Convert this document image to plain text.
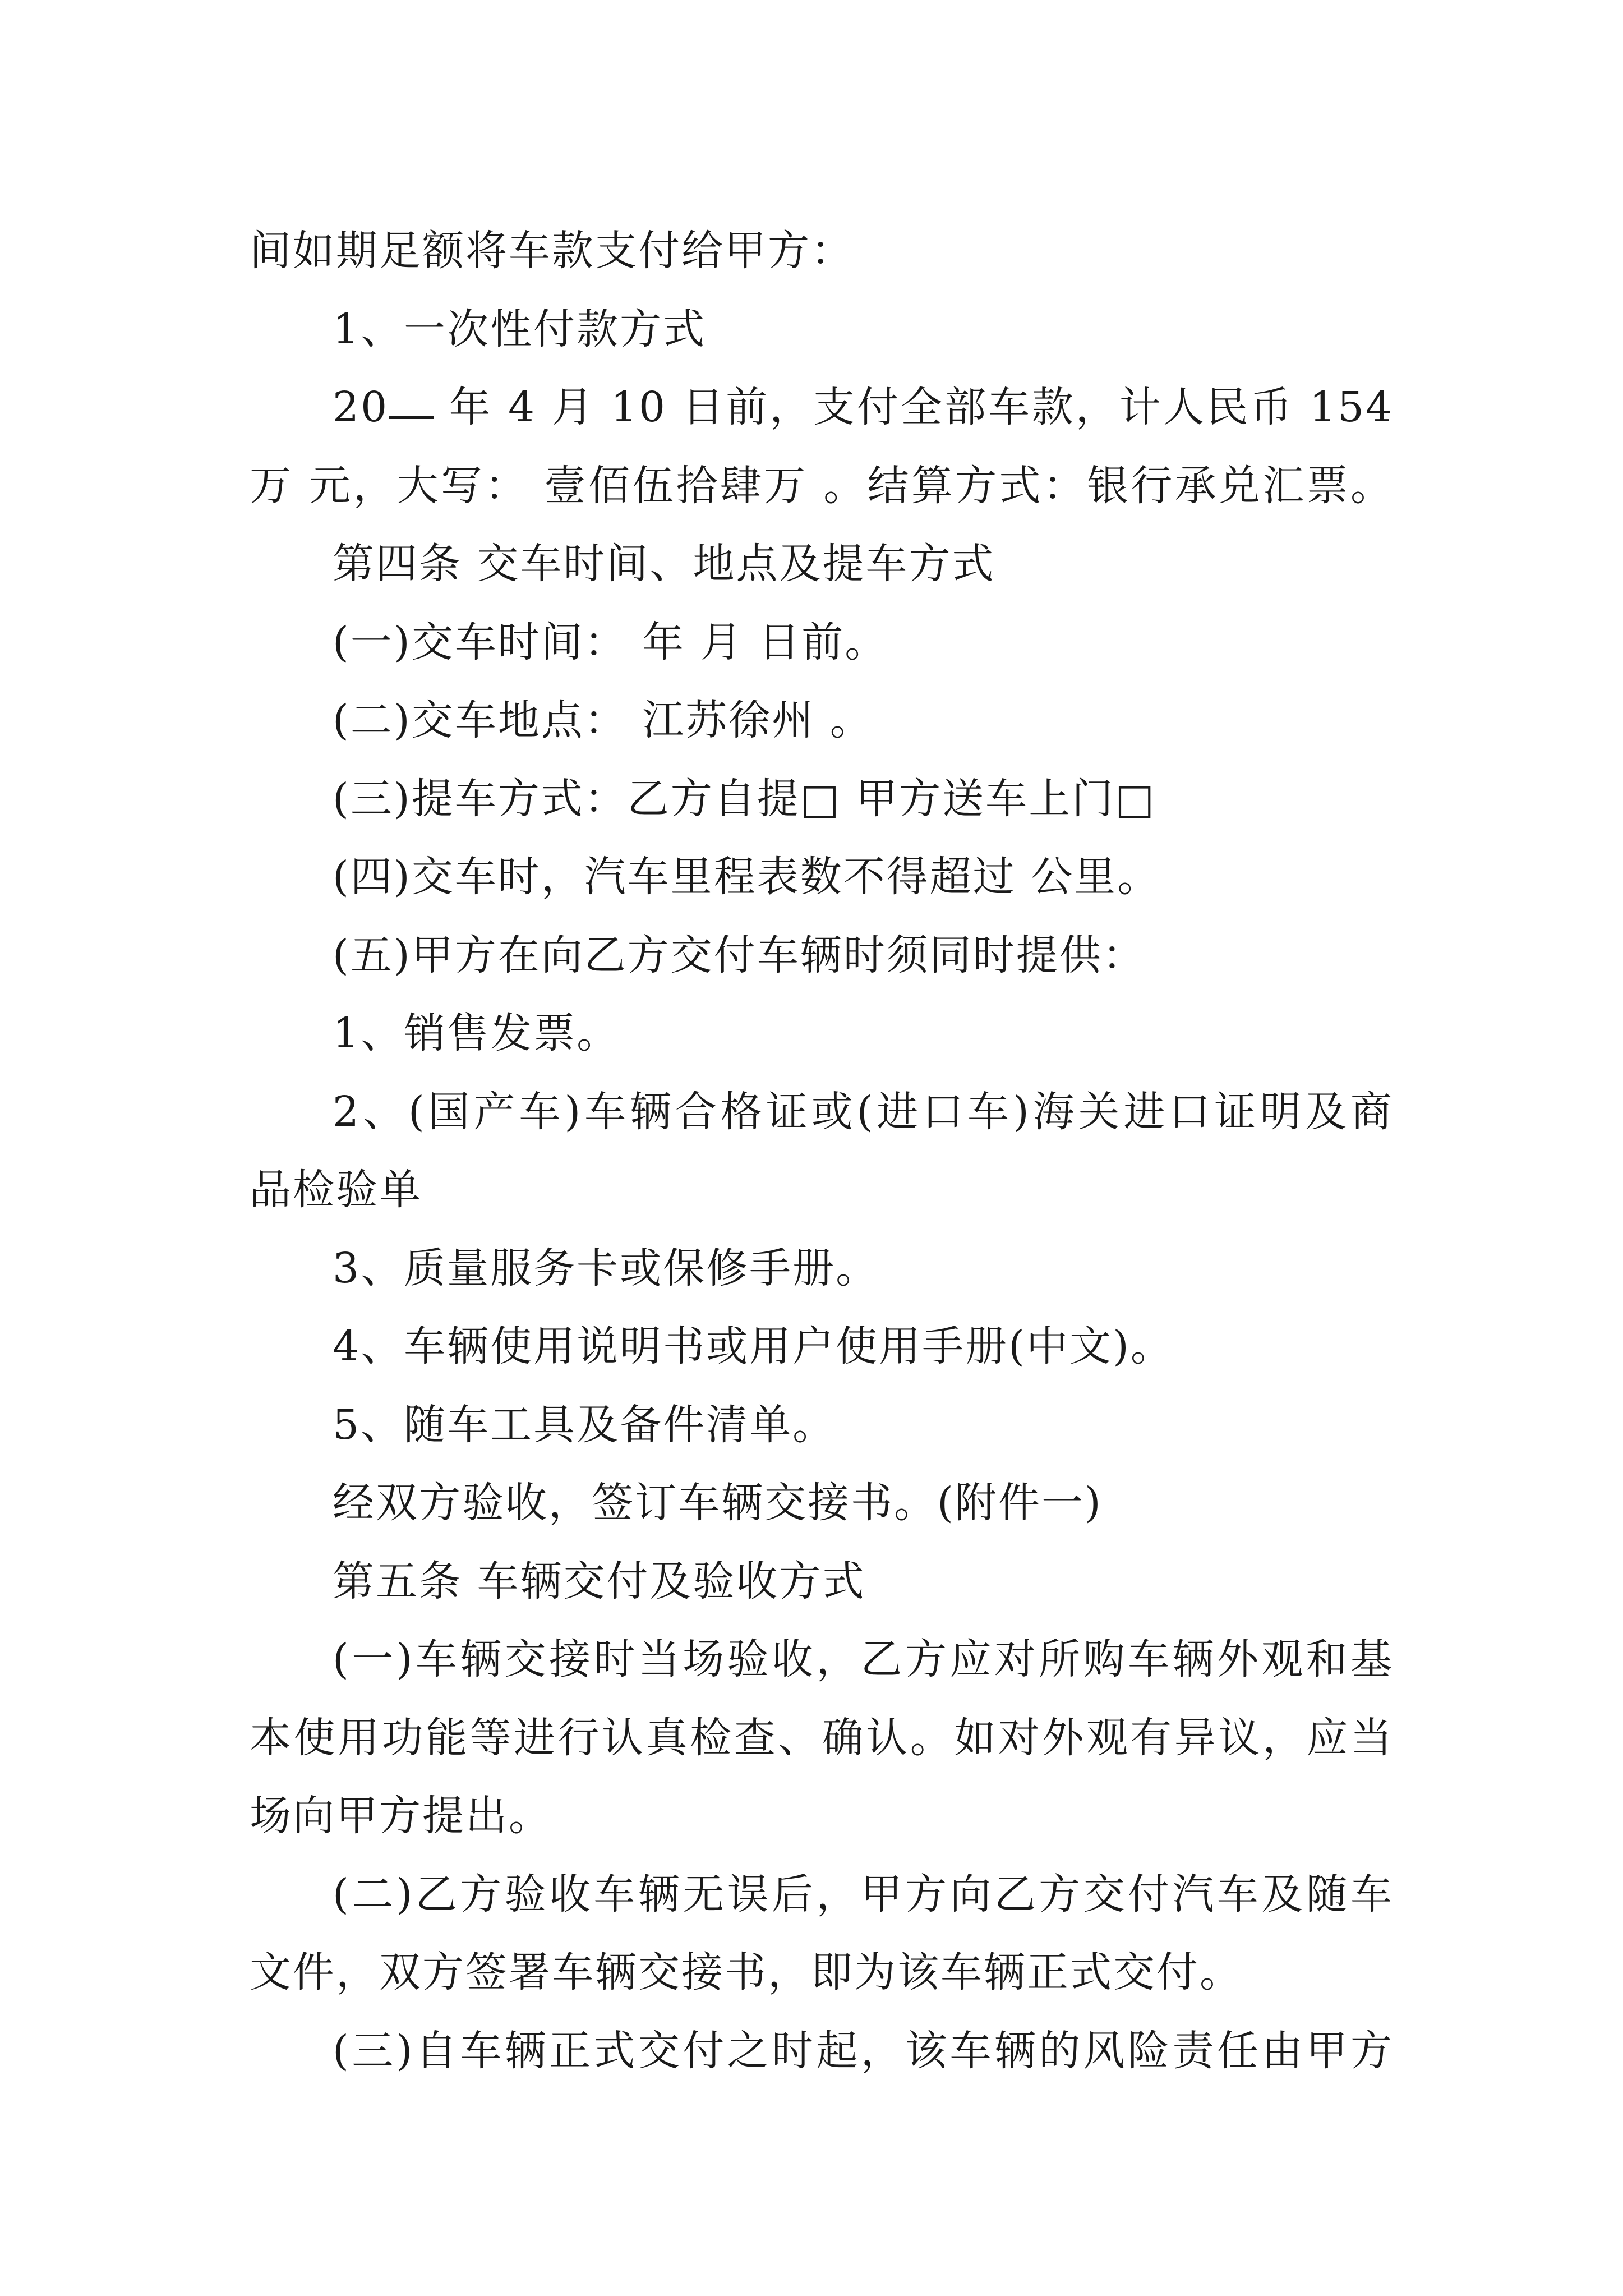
间如期足额将车款支付给甲方：
1、一次性付款方式
20 年 4 月 10 日前，支付全部车款，计人民币 154
万 元，大写： 壹佰伍拾肆万 。结算方式：银行承兑汇票。
第四条 交车时间、地点及提车方式
(一)交车时间： 年 月 日前。
(二)交车地点： 江苏徐州 。
(三)提车方式：乙方自提□ 甲方送车上门□
(四)交车时，汽车里程表数不得超过 公里。
(五)甲方在向乙方交付车辆时须同时提供：
1、销售发票。
2、(国产车)车辆合格证或(进口车)海关进口证明及商
品检验单
3、质量服务卡或保修手册。
4、车辆使用说明书或用户使用手册(中文)。
5、随车工具及备件清单。
经双方验收，签订车辆交接书。(附件一)
第五条 车辆交付及验收方式
(一)车辆交接时当场验收，乙方应对所购车辆外观和基
本使用功能等进行认真检查、确认。如对外观有异议，应当
场向甲方提出。
(二)乙方验收车辆无误后，甲方向乙方交付汽车及随车
文件，双方签署车辆交接书，即为该车辆正式交付。
(三)自车辆正式交付之时起，该车辆的风险责任由甲方
